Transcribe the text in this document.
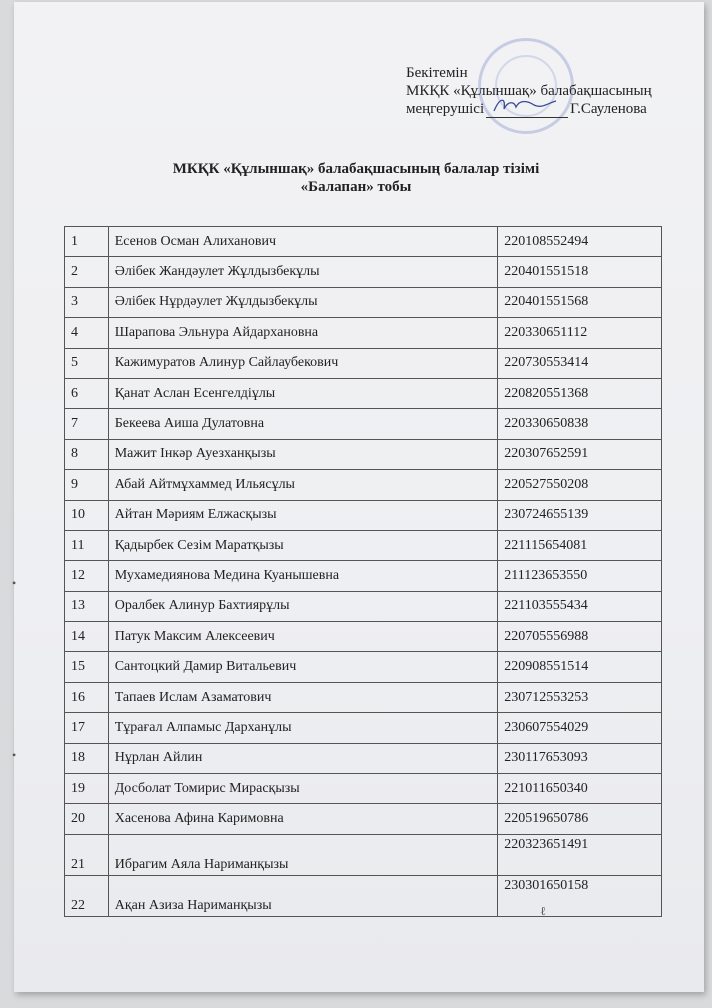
Бекітемін
МКҚК «Құлыншақ» балабақшасының
меңгерушісі	Г.Сауленова
МКҚК «Құлыншақ» балабақшасының балалар тізімі
«Балапан» тобы
1	Есенов Осман Алиханович	220108552494
2	Әлібек Жандәулет Жұлдызбекұлы	220401551518
3	Әлібек Нұрдәулет Жұлдызбекұлы	220401551568
4	Шарапова Эльнура Айдархановна	220330651112
5	Кажимуратов Алинур Сайлаубекович	220730553414
6	Қанат Аслан Есенгелдіұлы	220820551368
7	Бекеева Аиша Дулатовна	220330650838
8	Мажит Інкәр Ауезханқызы	220307652591
9	Абай Айтмұхаммед Ильясұлы	220527550208
10	Айтан Мәриям Елжасқызы	230724655139
11	Қадырбек Сезім Маратқызы	221115654081
12	Мухамедиянова Медина Куанышевна	211123653550
13	Оралбек Алинур Бахтиярұлы	221103555434
14	Патук Максим Алексеевич	220705556988
15	Сантоцкий Дамир Витальевич	220908551514
16	Тапаев Ислам Азаматович	230712553253
17	Тұрағал Алпамыс Дарханұлы	230607554029
18	Нұрлан Айлин	230117653093
19	Досболат Томирис Мирасқызы	221011650340
20	Хасенова Афина Каримовна	220519650786
21	Ибрагим Аяла Нариманқызы	220323651491
22	Ақан Азиза Нариманқызы	230301650158
•
•
ℓ
